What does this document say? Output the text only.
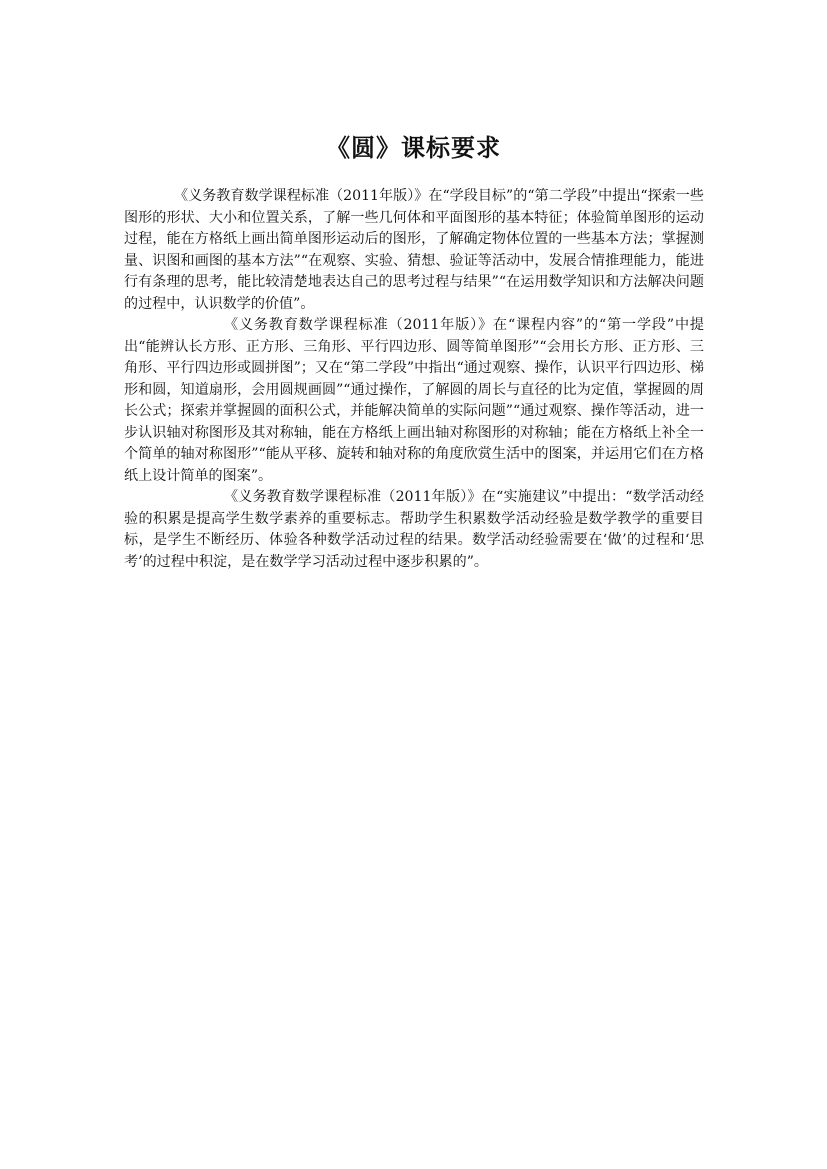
《圆》课标要求

《义务教育数学课程标准（2011年版）》在“学段目标”的“第二学段”中提出“探索一些图形的形状、大小和位置关系，了解一些几何体和平面图形的基本特征；体验简单图形的运动过程，能在方格纸上画出简单图形运动后的图形，了解确定物体位置的一些基本方法；掌握测量、识图和画图的基本方法”“在观察、实验、猜想、验证等活动中，发展合情推理能力，能进行有条理的思考，能比较清楚地表达自己的思考过程与结果”“在运用数学知识和方法解决问题的过程中，认识数学的价值”。

《义务教育数学课程标准（2011年版）》在“课程内容”的“第一学段”中提出“能辨认长方形、正方形、三角形、平行四边形、圆等简单图形”“会用长方形、正方形、三角形、平行四边形或圆拼图”；又在“第二学段”中指出“通过观察、操作，认识平行四边形、梯形和圆，知道扇形，会用圆规画圆”“通过操作，了解圆的周长与直径的比为定值，掌握圆的周长公式；探索并掌握圆的面积公式，并能解决简单的实际问题”“通过观察、操作等活动，进一步认识轴对称图形及其对称轴，能在方格纸上画出轴对称图形的对称轴；能在方格纸上补全一个简单的轴对称图形”“能从平移、旋转和轴对称的角度欣赏生活中的图案，并运用它们在方格纸上设计简单的图案”。

《义务教育数学课程标准（2011年版）》在“实施建议”中提出：“数学活动经验的积累是提高学生数学素养的重要标志。帮助学生积累数学活动经验是数学教学的重要目标，是学生不断经历、体验各种数学活动过程的结果。数学活动经验需要在‘做’的过程和‘思考’的过程中积淀，是在数学学习活动过程中逐步积累的”。
